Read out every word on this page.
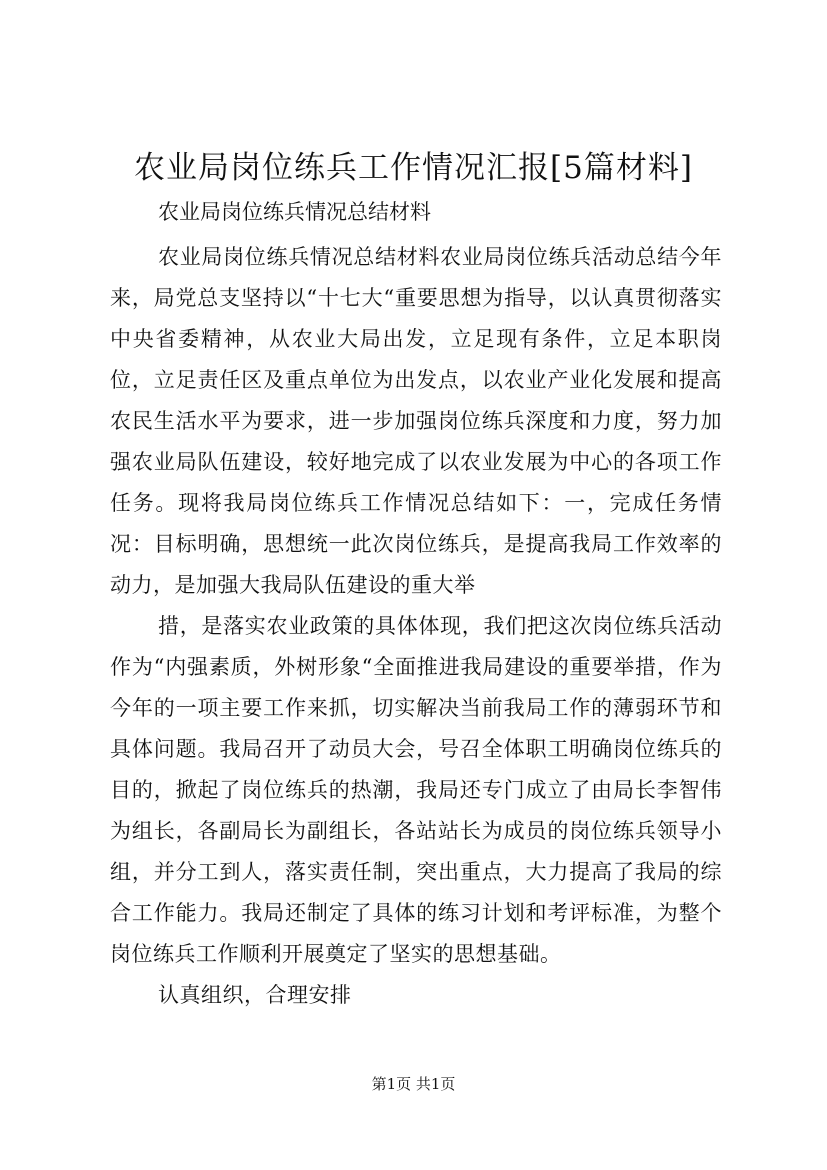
农业局岗位练兵工作情况汇报[5篇材料]
农业局岗位练兵情况总结材料

农业局岗位练兵情况总结材料农业局岗位练兵活动总结今年来，局党总支坚持以“十七大“重要思想为指导，以认真贯彻落实中央省委精神，从农业大局出发，立足现有条件，立足本职岗位，立足责任区及重点单位为出发点，以农业产业化发展和提高农民生活水平为要求，进一步加强岗位练兵深度和力度，努力加强农业局队伍建设，较好地完成了以农业发展为中心的各项工作任务。现将我局岗位练兵工作情况总结如下：一，完成任务情况：目标明确，思想统一此次岗位练兵，是提高我局工作效率的动力，是加强大我局队伍建设的重大举

措，是落实农业政策的具体体现，我们把这次岗位练兵活动作为“内强素质，外树形象“全面推进我局建设的重要举措，作为今年的一项主要工作来抓，切实解决当前我局工作的薄弱环节和具体问题。我局召开了动员大会，号召全体职工明确岗位练兵的目的，掀起了岗位练兵的热潮，我局还专门成立了由局长李智伟为组长，各副局长为副组长，各站站长为成员的岗位练兵领导小组，并分工到人，落实责任制，突出重点，大力提高了我局的综合工作能力。我局还制定了具体的练习计划和考评标准，为整个岗位练兵工作顺利开展奠定了坚实的思想基础。

认真组织，合理安排

第1页 共1页
